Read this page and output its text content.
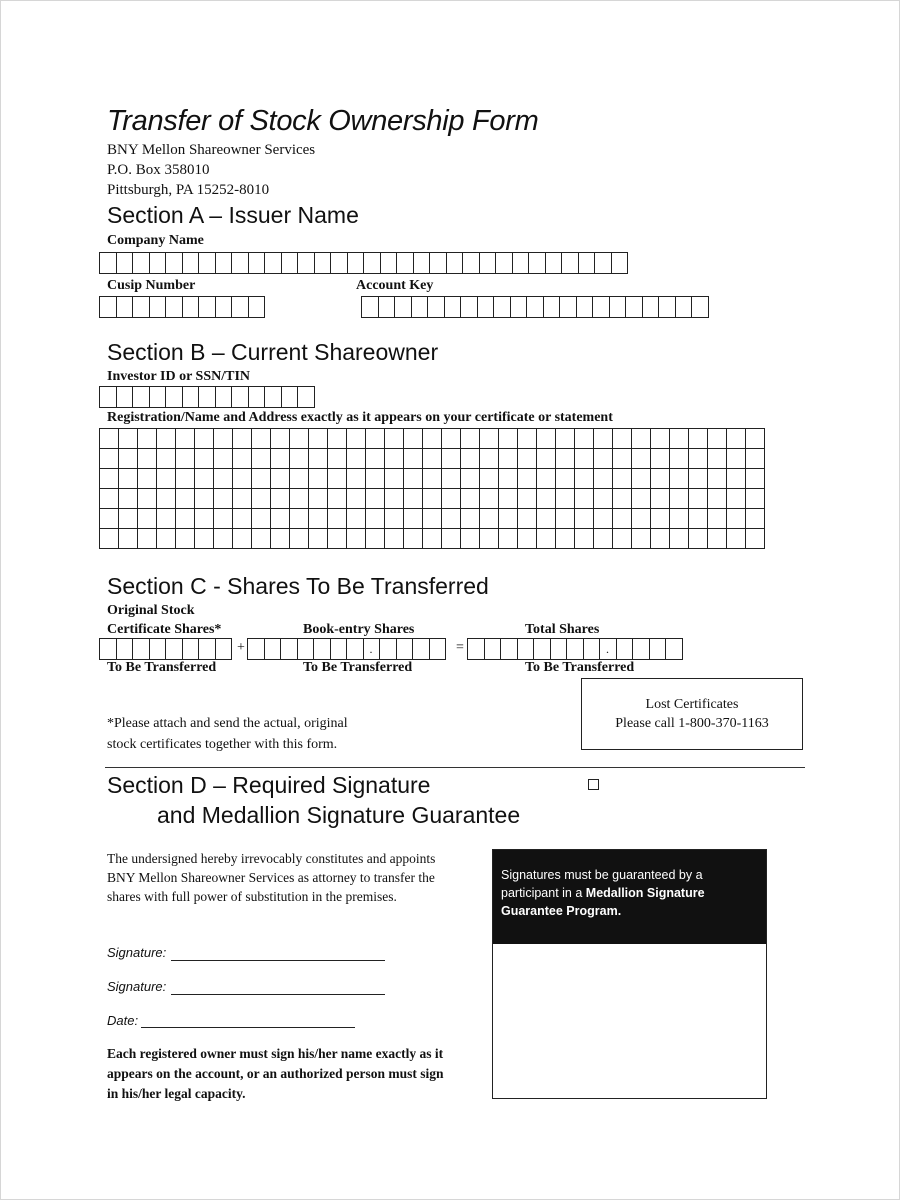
Transfer of Stock Ownership Form
BNY Mellon Shareowner Services
P.O. Box 358010
Pittsburgh, PA 15252-8010
Section A – Issuer Name
Company Name
Cusip Number	Account Key
Section B – Current Shareowner
Investor ID or SSN/TIN
Registration/Name and Address exactly as it appears on your certificate or statement

Section C - Shares To Be Transferred
Original Stock
Certificate Shares*	Book-entry Shares	Total Shares
+
.	=
.
To Be Transferred	To Be Transferred	To Be Transferred
*Please attach and send the actual, original
stock certificates together with this form.
Lost Certificates
Please call 1-800-370-1163
Section D – Required Signature
and Medallion Signature Guarantee
The undersigned hereby irrevocably constitutes and appoints
BNY Mellon Shareowner Services as attorney to transfer the
shares with full power of substitution in the premises.
Signature:
Signature:
Date:
Each registered owner must sign his/her name exactly as it
appears on the account, or an authorized person must sign
in his/her legal capacity.
Signatures must be guaranteed by a
participant in a Medallion Signature
Guarantee Program.
